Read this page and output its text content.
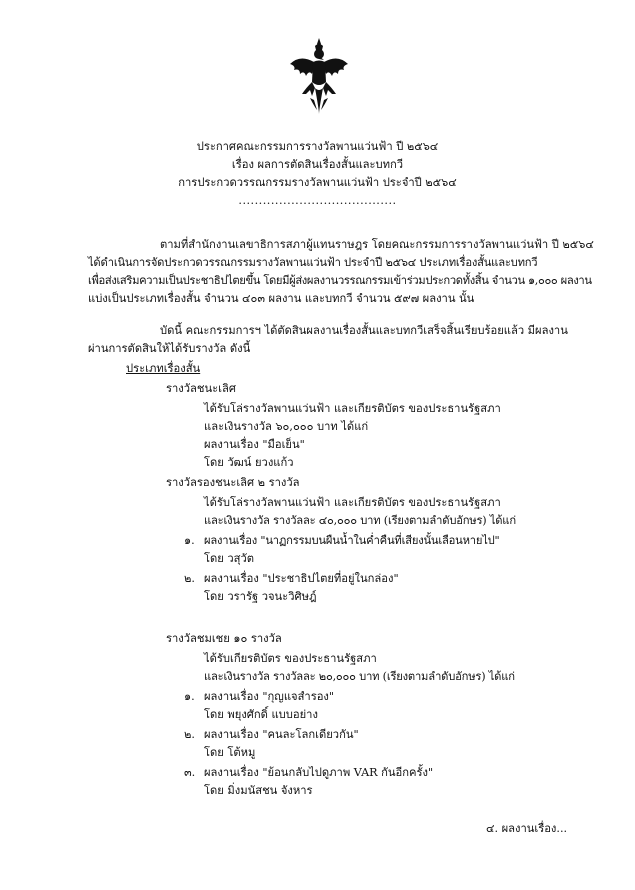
ประกาศคณะกรรมการรางวัลพานแว่นฟ้า ปี ๒๕๖๔
เรื่อง ผลการตัดสินเรื่องสั้นและบทกวี
การประกวดวรรณกรรมรางวัลพานแว่นฟ้า ประจำปี ๒๕๖๔
.......................................
ตามที่สำนักงานเลขาธิการสภาผู้แทนราษฎร โดยคณะกรรมการรางวัลพานแว่นฟ้า ปี ๒๕๖๔
ได้ดำเนินการจัดประกวดวรรณกรรมรางวัลพานแว่นฟ้า ประจำปี ๒๕๖๔ ประเภทเรื่องสั้นและบทกวี
เพื่อส่งเสริมความเป็นประชาธิปไตยขึ้น โดยมีผู้ส่งผลงานวรรณกรรมเข้าร่วมประกวดทั้งสิ้น จำนวน ๑,๐๐๐ ผลงาน
แบ่งเป็นประเภทเรื่องสั้น จำนวน ๔๐๓ ผลงาน และบทกวี จำนวน ๕๙๗ ผลงาน นั้น
บัดนี้ คณะกรรมการฯ ได้ตัดสินผลงานเรื่องสั้นและบทกวีเสร็จสิ้นเรียบร้อยแล้ว มีผลงาน
ผ่านการตัดสินให้ได้รับรางวัล ดังนี้
ประเภทเรื่องสั้น
รางวัลชนะเลิศ
ได้รับโล่รางวัลพานแว่นฟ้า และเกียรติบัตร ของประธานรัฐสภา
และเงินรางวัล ๖๐,๐๐๐ บาท ได้แก่
ผลงานเรื่อง "มือเย็น"
โดย วัฒน์ ยวงแก้ว
รางวัลรองชนะเลิศ ๒ รางวัล
ได้รับโล่รางวัลพานแว่นฟ้า และเกียรติบัตร ของประธานรัฐสภา
และเงินรางวัล รางวัลละ ๔๐,๐๐๐ บาท (เรียงตามลำดับอักษร) ได้แก่
๑. ผลงานเรื่อง "นาฏกรรมบนผืนน้ำในค่ำคืนที่เสียงนั้นเลือนหายไป"
โดย วสุวัต
๒. ผลงานเรื่อง "ประชาธิปไตยที่อยู่ในกล่อง"
โดย วรารัฐ วจนะวิศิษฎ์
รางวัลชมเชย ๑๐ รางวัล
ได้รับเกียรติบัตร ของประธานรัฐสภา
และเงินรางวัล รางวัลละ ๒๐,๐๐๐ บาท (เรียงตามลำดับอักษร) ได้แก่
๑. ผลงานเรื่อง "กุญแจสำรอง"
โดย พยุงศักดิ์ แบบอย่าง
๒. ผลงานเรื่อง "คนละโลกเดียวกัน"
โดย โต้หมู
๓. ผลงานเรื่อง "ย้อนกลับไปดูภาพ VAR กันอีกครั้ง"
โดย มิ่งมนัสชน จังหาร
๔. ผลงานเรื่อง...
